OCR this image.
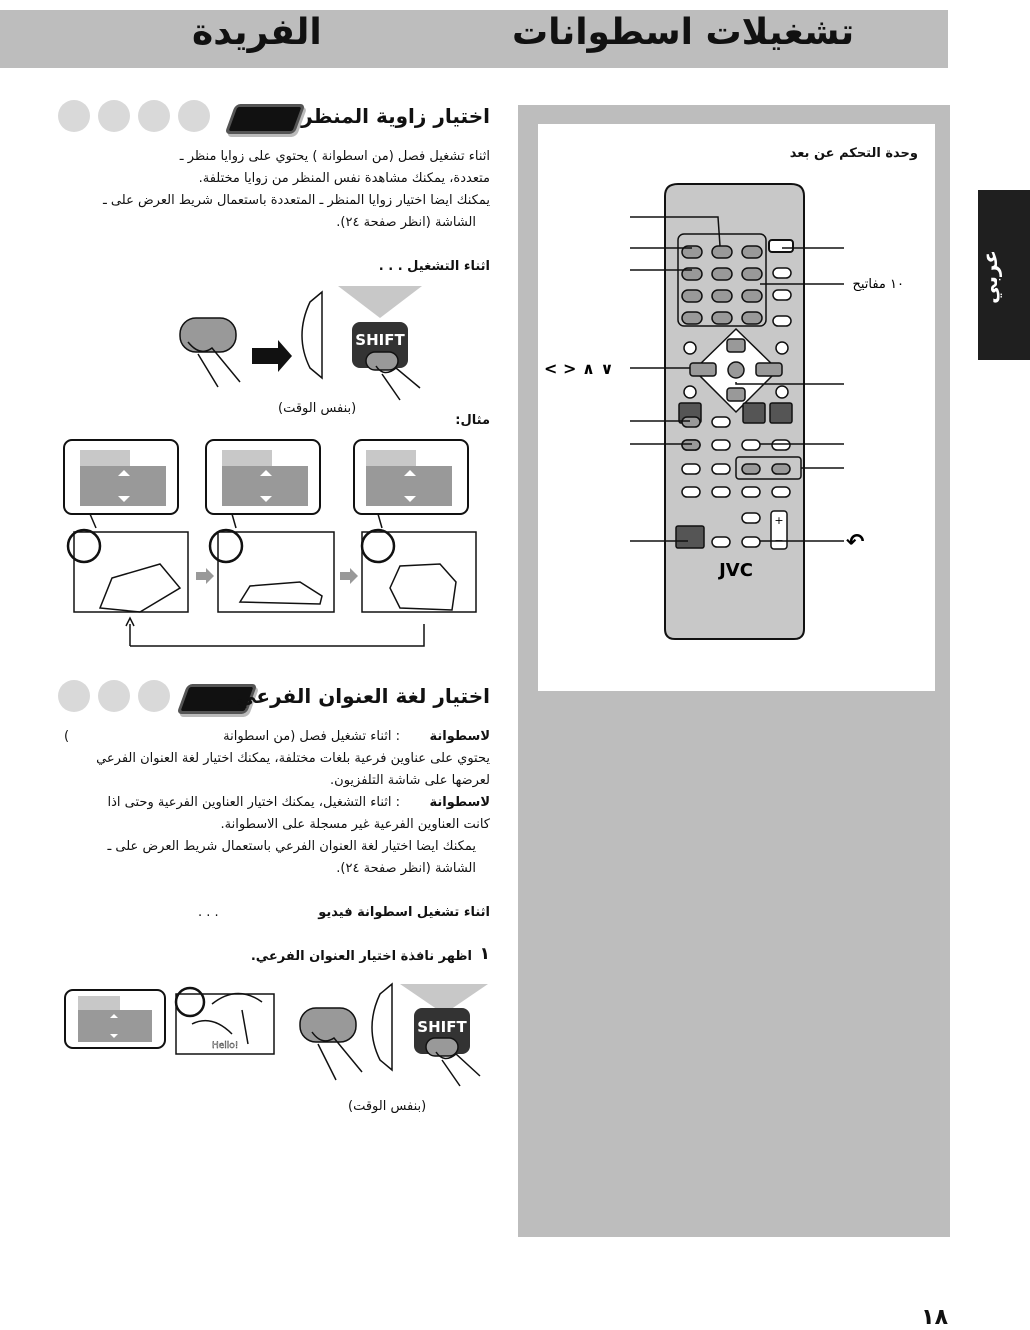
تشغيلات اسطوانات
الفريدة
عربي
وحدة التحكم عن بعد
+
−
JVC
< > ∧ ∨
١٠ مفاتيح
↶
اختيار زاوية المنظر
اثناء تشغيل فصل (من اسطوانة ) يحتوي على زوايا منظر ـ
متعددة، يمكنك مشاهدة نفس المنظر من زوايا مختلفة.
يمكنك ايضا اختيار زوايا المنظر ـ المتعددة باستعمال شريط العرض على ـ
الشاشة (انظر صفحة ٢٤).
اثناء التشغيل . . .
SHIFT
(بنفس الوقت)
مثال:
اختيار لغة العنوان الفرعي
لاسطوانة
: اثناء تشغيل فصل (من اسطوانة
(
يحتوي على عناوين فرعية بلغات مختلفة، يمكنك اختيار لغة العنوان الفرعي
لعرضها على شاشة التلفزيون.
لاسطوانة
: اثناء التشغيل، يمكنك اختيار العناوين الفرعية وحتى اذا
كانت العناوين الفرعية غير مسجلة على الاسطوانة.
يمكنك ايضا اختيار لغة العنوان الفرعي باستعمال شريط العرض على ـ
الشاشة (انظر صفحة ٢٤).
اثناء تشغيل اسطوانة فيديو
. . .
١
اظهر نافذة اختيار العنوان الفرعي.
Hello!
SHIFT
(بنفس الوقت)
١٨
